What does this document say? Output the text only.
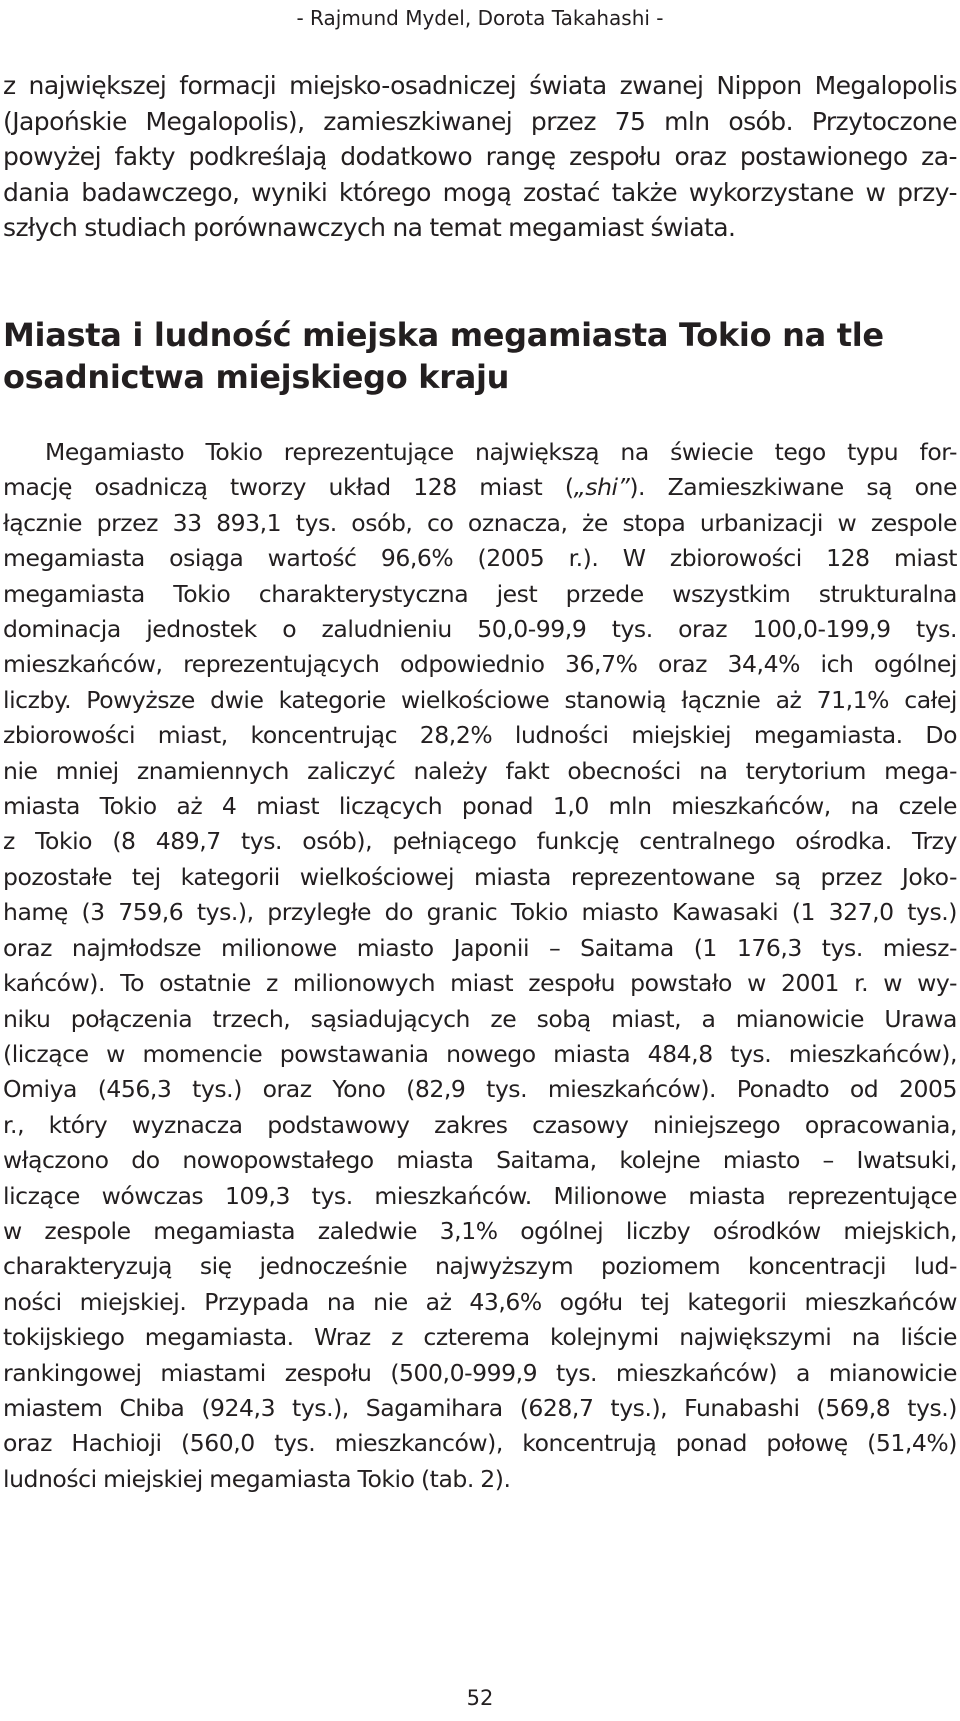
- Rajmund Mydel, Dorota Takahashi -
z największej formacji miejsko-osadniczej świata zwanej Nippon Megalopolis
(Japońskie Megalopolis), zamieszkiwanej przez 75 mln osób. Przytoczone
powyżej fakty podkreślają dodatkowo rangę zespołu oraz postawionego za-
dania badawczego, wyniki którego mogą zostać także wykorzystane w przy-
szłych studiach porównawczych na temat megamiast świata.
Miasta i ludność miejska megamiasta Tokio na tle
osadnictwa miejskiego kraju
Megamiasto Tokio reprezentujące największą na świecie tego typu for-
mację osadniczą tworzy układ 128 miast („shi”). Zamieszkiwane są one
łącznie przez 33 893,1 tys. osób, co oznacza, że stopa urbanizacji w zespole
megamiasta osiąga wartość 96,6% (2005 r.). W zbiorowości 128 miast
megamiasta Tokio charakterystyczna jest przede wszystkim strukturalna
dominacja jednostek o zaludnieniu 50,0-99,9 tys. oraz 100,0-199,9 tys.
mieszkańców, reprezentujących odpowiednio 36,7% oraz 34,4% ich ogólnej
liczby. Powyższe dwie kategorie wielkościowe stanowią łącznie aż 71,1% całej
zbiorowości miast, koncentrując 28,2% ludności miejskiej megamiasta. Do
nie mniej znamiennych zaliczyć należy fakt obecności na terytorium mega-
miasta Tokio aż 4 miast liczących ponad 1,0 mln mieszkańców, na czele
z Tokio (8 489,7 tys. osób), pełniącego funkcję centralnego ośrodka. Trzy
pozostałe tej kategorii wielkościowej miasta reprezentowane są przez Joko-
hamę (3 759,6 tys.), przyległe do granic Tokio miasto Kawasaki (1 327,0 tys.)
oraz najmłodsze milionowe miasto Japonii – Saitama (1 176,3 tys. miesz-
kańców). To ostatnie z milionowych miast zespołu powstało w 2001 r. w wy-
niku połączenia trzech, sąsiadujących ze sobą miast, a mianowicie Urawa
(liczące w momencie powstawania nowego miasta 484,8 tys. mieszkańców),
Omiya (456,3 tys.) oraz Yono (82,9 tys. mieszkańców). Ponadto od 2005
r., który wyznacza podstawowy zakres czasowy niniejszego opracowania,
włączono do nowopowstałego miasta Saitama, kolejne miasto – Iwatsuki,
liczące wówczas 109,3 tys. mieszkańców. Milionowe miasta reprezentujące
w zespole megamiasta zaledwie 3,1% ogólnej liczby ośrodków miejskich,
charakteryzują się jednocześnie najwyższym poziomem koncentracji lud-
ności miejskiej. Przypada na nie aż 43,6% ogółu tej kategorii mieszkańców
tokijskiego megamiasta. Wraz z czterema kolejnymi największymi na liście
rankingowej miastami zespołu (500,0-999,9 tys. mieszkańców) a mianowicie
miastem Chiba (924,3 tys.), Sagamihara (628,7 tys.), Funabashi (569,8 tys.)
oraz Hachioji (560,0 tys. mieszkanców), koncentrują ponad połowę (51,4%)
ludności miejskiej megamiasta Tokio (tab. 2).
52
